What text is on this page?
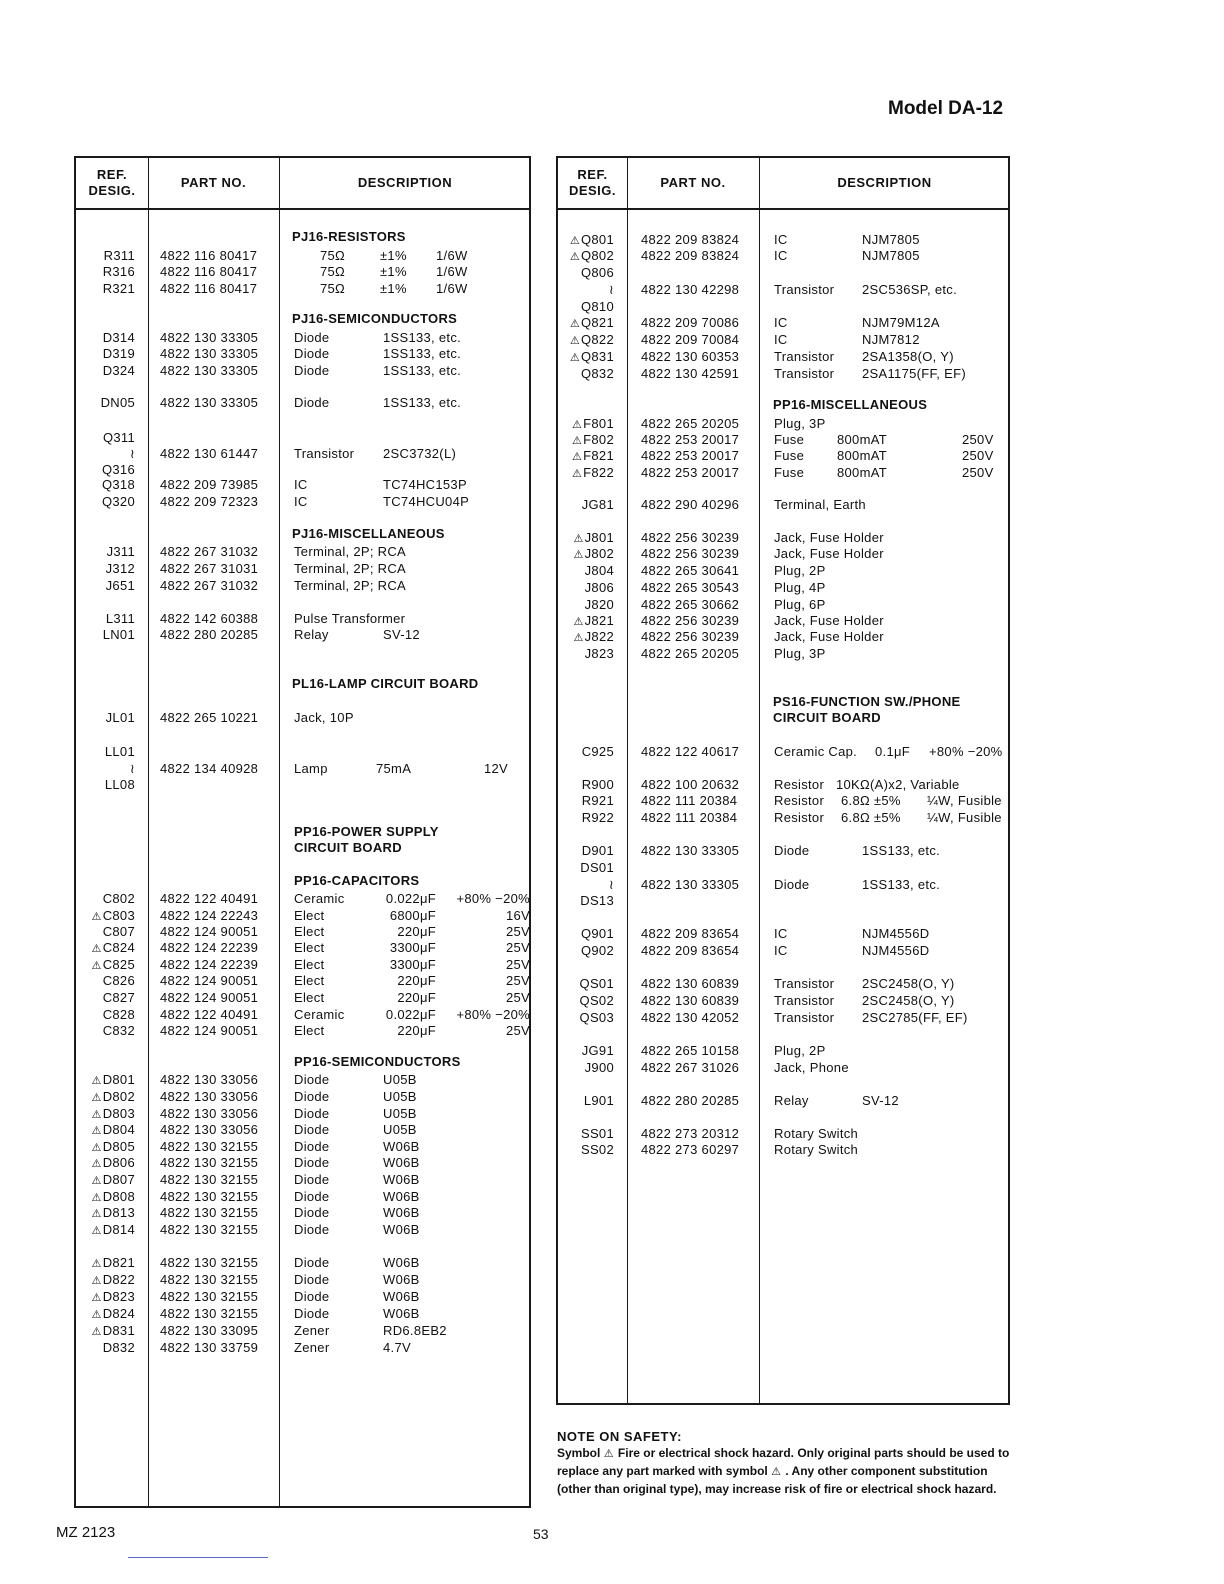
Model DA-12
REF.
DESIG.
PART NO.	DESCRIPTION
REF.
DESIG.
PART NO.	DESCRIPTION
R311 4822 116 80417	75Ω	±1% 1/6W
R316 4822 116 80417	75Ω	±1% 1/6W
R321 4822 116 80417	75Ω	±1% 1/6W
D314 4822 130 33305	Diode	1SS133, etc.
D319 4822 130 33305	Diode	1SS133, etc.
D324 4822 130 33305	Diode	1SS133, etc.
DN05 4822 130 33305	Diode	1SS133, etc.
Q311
≀ 4822 130 61447	Transistor 2SC3732(L)
Q316
Q318 4822 209 73985	IC	TC74HC153P
Q320 4822 209 72323	IC	TC74HCU04P
J311 4822 267 31032	Terminal, 2P; RCA
J312 4822 267 31031	Terminal, 2P; RCA
J651 4822 267 31032	Terminal, 2P; RCA
L311 4822 142 60388	Pulse Transformer
LN01 4822 280 20285	Relay	SV-12
JL01 4822 265 10221	Jack, 10P
LL01
≀ 4822 134 40928	Lamp	75mA	12V
LL08
C802 4822 122 40491	Ceramic	0.022μF	+80% −20%
⚠C803 4822 124 22243	Elect	6800μF	16V
C807 4822 124 90051	Elect	220μF	25V
⚠C824 4822 124 22239	Elect	3300μF	25V
⚠C825 4822 124 22239	Elect	3300μF	25V
C826 4822 124 90051	Elect	220μF	25V
C827 4822 124 90051	Elect	220μF	25V
C828 4822 122 40491	Ceramic	0.022μF	+80% −20%
C832 4822 124 90051	Elect	220μF	25V
⚠D801 4822 130 33056	Diode	U05B
⚠D802 4822 130 33056	Diode	U05B
⚠D803 4822 130 33056	Diode	U05B
⚠D804 4822 130 33056	Diode	U05B
⚠D805 4822 130 32155	Diode	W06B
⚠D806 4822 130 32155	Diode	W06B
⚠D807 4822 130 32155	Diode	W06B
⚠D808 4822 130 32155	Diode	W06B
⚠D813 4822 130 32155	Diode	W06B
⚠D814 4822 130 32155	Diode	W06B
⚠D821 4822 130 32155	Diode	W06B
⚠D822 4822 130 32155	Diode	W06B
⚠D823 4822 130 32155	Diode	W06B
⚠D824 4822 130 32155	Diode	W06B
⚠D831 4822 130 33095	Zener	RD6.8EB2
D832 4822 130 33759	Zener	4.7V
⚠Q801 4822 209 83824	IC	NJM7805
⚠Q802 4822 209 83824	IC	NJM7805
Q806
≀ 4822 130 42298	Transistor 2SC536SP, etc.
Q810
⚠Q821 4822 209 70086	IC	NJM79M12A
⚠Q822 4822 209 70084	IC	NJM7812
⚠Q831 4822 130 60353	Transistor 2SA1358(O, Y)
Q832 4822 130 42591	Transistor 2SA1175(FF, EF)
⚠F801 4822 265 20205	Plug, 3P
⚠F802 4822 253 20017	Fuse	800mAT	250V
⚠F821 4822 253 20017	Fuse	800mAT	250V
⚠F822 4822 253 20017	Fuse	800mAT	250V
JG81 4822 290 40296	Terminal, Earth
⚠J801 4822 256 30239	Jack, Fuse Holder
⚠J802 4822 256 30239	Jack, Fuse Holder
J804 4822 265 30641	Plug, 2P
J806 4822 265 30543	Plug, 4P
J820 4822 265 30662	Plug, 6P
⚠J821 4822 256 30239	Jack, Fuse Holder
⚠J822 4822 256 30239	Jack, Fuse Holder
J823 4822 265 20205	Plug, 3P
C925 4822 122 40617	Ceramic Cap. 0.1μF +80% −20%
R900 4822 100 20632	Resistor 10KΩ(A)x2, Variable
R921 4822 111 20384	Resistor 6.8Ω ±5% ¼W, Fusible
R922 4822 111 20384	Resistor 6.8Ω ±5% ¼W, Fusible
D901 4822 130 33305	Diode	1SS133, etc.
DS01
≀ 4822 130 33305	Diode	1SS133, etc.
DS13
Q901 4822 209 83654	IC	NJM4556D
Q902 4822 209 83654	IC	NJM4556D
QS01 4822 130 60839	Transistor 2SC2458(O, Y)
QS02 4822 130 60839	Transistor 2SC2458(O, Y)
QS03 4822 130 42052	Transistor 2SC2785(FF, EF)
JG91 4822 265 10158	Plug, 2P
J900 4822 267 31026	Jack, Phone
L901 4822 280 20285	Relay	SV-12
SS01 4822 273 20312	Rotary Switch
SS02 4822 273 60297	Rotary Switch
PJ16-RESISTORS
PJ16-SEMICONDUCTORS
PJ16-MISCELLANEOUS
PL16-LAMP CIRCUIT BOARD
PP16-POWER SUPPLY
CIRCUIT BOARD
PP16-CAPACITORS
PP16-SEMICONDUCTORS
PP16-MISCELLANEOUS
PS16-FUNCTION SW./PHONE
CIRCUIT BOARD
NOTE ON SAFETY:
Symbol ⚠ Fire or electrical shock hazard. Only original parts should be used to replace any part marked with symbol ⚠ . Any other component substitution (other than original type), may increase risk of fire or electrical shock hazard.
MZ 2123	53
